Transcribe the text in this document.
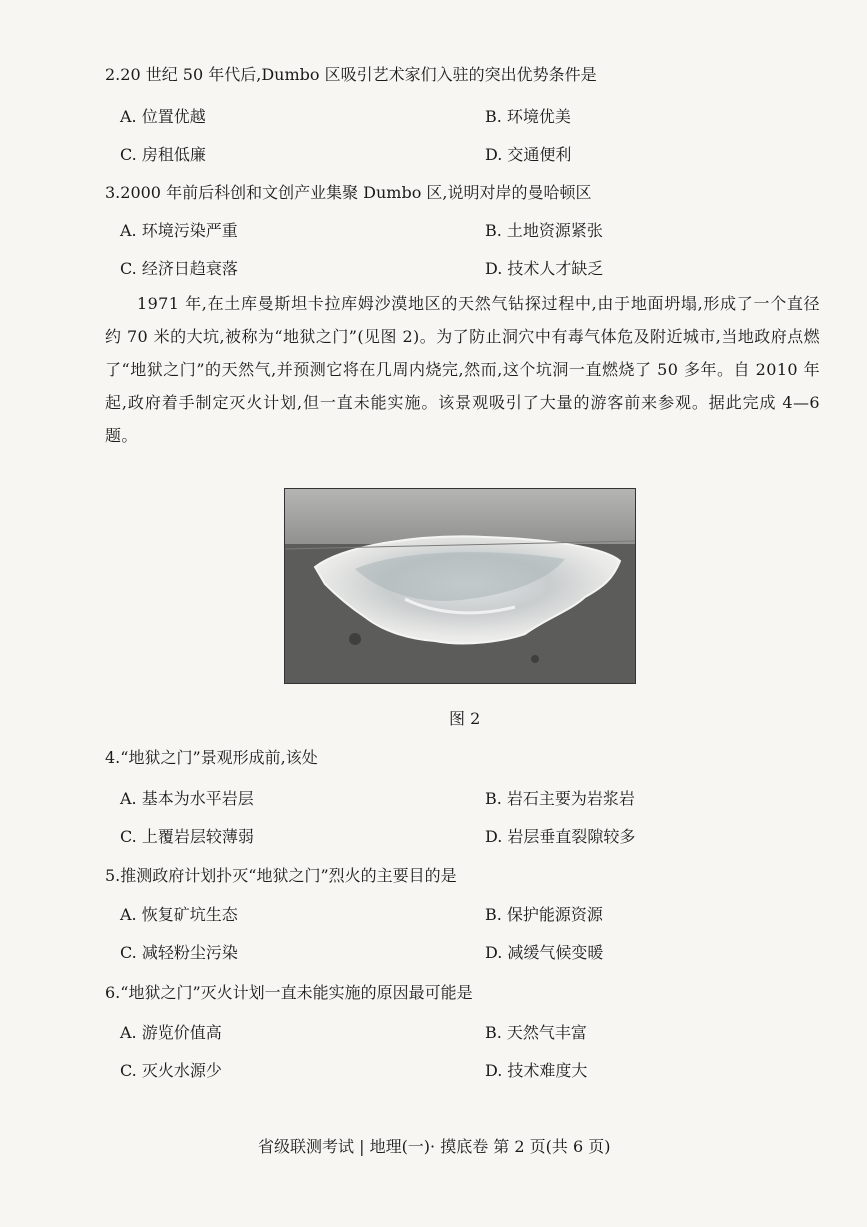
2.20 世纪 50 年代后,Dumbo 区吸引艺术家们入驻的突出优势条件是
A. 位置优越	B. 环境优美
C. 房租低廉	D. 交通便利
3.2000 年前后科创和文创产业集聚 Dumbo 区,说明对岸的曼哈顿区
A. 环境污染严重	B. 土地资源紧张
C. 经济日趋衰落	D. 技术人才缺乏
1971 年,在土库曼斯坦卡拉库姆沙漠地区的天然气钻探过程中,由于地面坍塌,形成了一个直径约 70 米的大坑,被称为“地狱之门”(见图 2)。为了防止洞穴中有毒气体危及附近城市,当地政府点燃了“地狱之门”的天然气,并预测它将在几周内烧完,然而,这个坑洞一直燃烧了 50 多年。自 2010 年起,政府着手制定灭火计划,但一直未能实施。该景观吸引了大量的游客前来参观。据此完成 4—6 题。
图 2
4.“地狱之门”景观形成前,该处
A. 基本为水平岩层	B. 岩石主要为岩浆岩
C. 上覆岩层较薄弱	D. 岩层垂直裂隙较多
5.推测政府计划扑灭“地狱之门”烈火的主要目的是
A. 恢复矿坑生态	B. 保护能源资源
C. 减轻粉尘污染	D. 减缓气候变暖
6.“地狱之门”灭火计划一直未能实施的原因最可能是
A. 游览价值高	B. 天然气丰富
C. 灭火水源少	D. 技术难度大
省级联测考试 | 地理(一)· 摸底卷 第 2 页(共 6 页)
